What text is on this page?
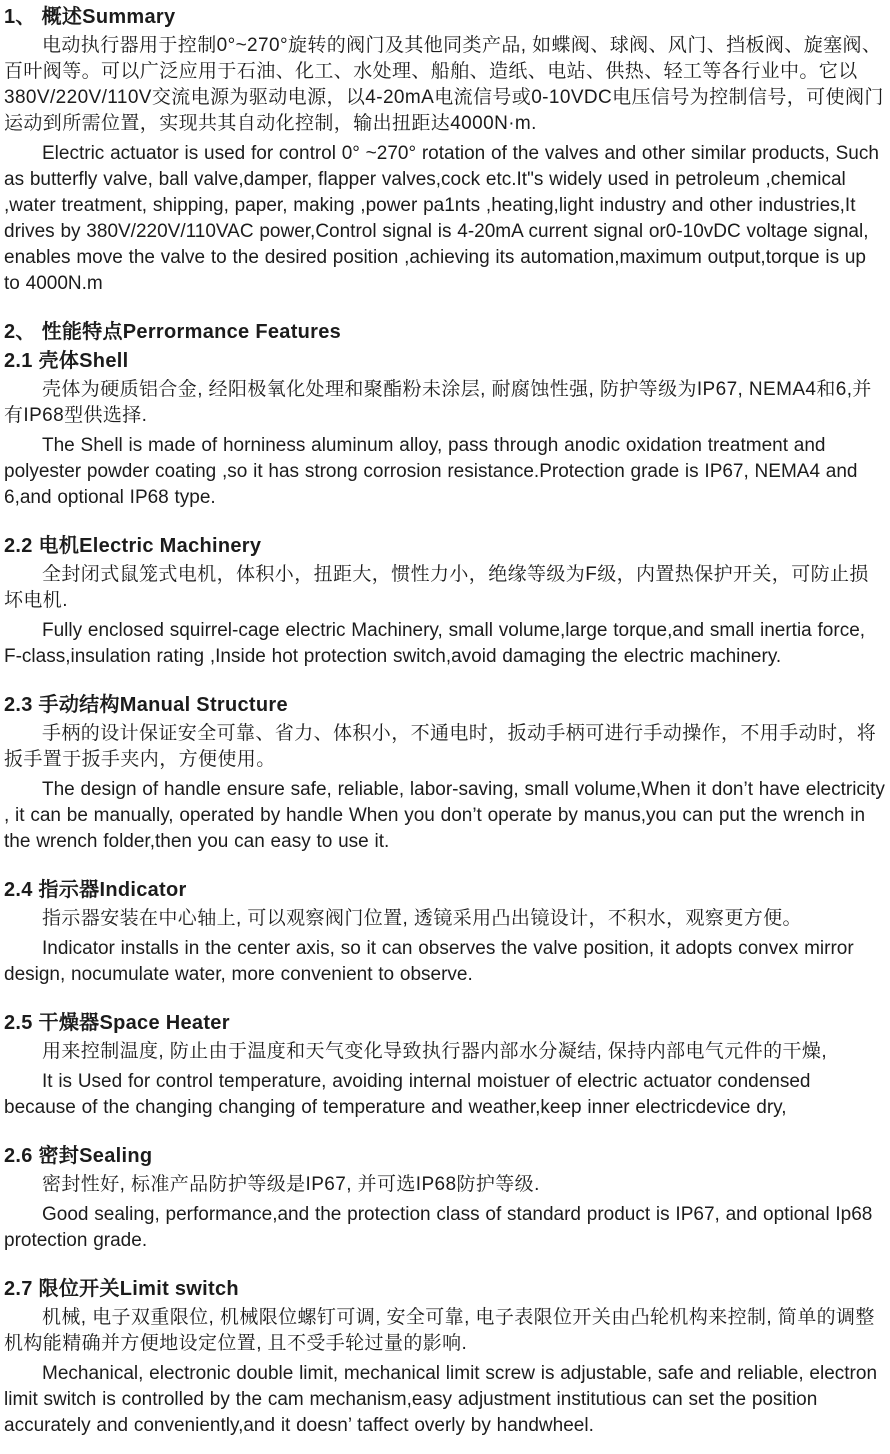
1、 概述Summary

电动执行器用于控制0°~270°旋转的阀门及其他同类产品, 如蝶阀、球阀、风门、挡板阀、旋塞阀、百叶阀等。可以广泛应用于石油、化工、水处理、船舶、造纸、电站、供热、轻工等各行业中。它以380V/220V/110V交流电源为驱动电源，以4-20mA电流信号或0-10VDC电压信号为控制信号，可使阀门运动到所需位置，实现共其自动化控制，输出扭距达4000N·m.

Electric actuator is used for control 0° ~270° rotation of the valves and other similar products, Such as butterfly valve, ball valve,damper, flapper valves,cock etc.It"s widely used in petroleum ,chemical ,water treatment, shipping, paper, making ,power pa1nts ,heating,light industry and other industries,It drives by 380V/220V/110VAC power,Control signal is 4-20mA current signal or0-10vDC voltage signal, enables move the valve to the desired position ,achieving its automation,maximum output,torque is up to 4000N.m

2、 性能特点Perrormance Features
2.1 壳体Shell

壳体为硬质铝合金, 经阳极氧化处理和聚酯粉未涂层, 耐腐蚀性强, 防护等级为IP67, NEMA4和6,并有IP68型供选择.

The Shell is made of horniness aluminum alloy, pass through anodic oxidation treatment and polyester powder coating ,so it has strong corrosion resistance.Protection grade is IP67, NEMA4 and 6,and optional IP68 type.

2.2 电机Electric Machinery

全封闭式鼠笼式电机，体积小，扭距大，惯性力小，绝缘等级为F级，内置热保护开关，可防止损坏电机.

Fully enclosed squirrel-cage electric Machinery, small volume,large torque,and small inertia force, F-class,insulation rating ,Inside hot protection switch,avoid damaging the electric machinery.

2.3 手动结构Manual Structure

手柄的设计保证安全可靠、省力、体积小，不通电时，扳动手柄可进行手动操作，不用手动时，将扳手置于扳手夹内，方便使用。

The design of handle ensure safe, reliable, labor-saving, small volume,When it don’t have electricity , it can be manually, operated by handle When you don’t operate by manus,you can put the wrench in the wrench folder,then you can easy to use it.

2.4 指示器Indicator

指示器安装在中心轴上, 可以观察阀门位置, 透镜采用凸出镜设计，不积水，观察更方便。

Indicator installs in the center axis, so it can observes the valve position, it adopts convex mirror design, nocumulate water, more convenient to observe.

2.5 干燥器Space Heater

用来控制温度, 防止由于温度和天气变化导致执行器内部水分凝结, 保持内部电气元件的干燥,

It is Used for control temperature, avoiding internal moistuer of electric actuator condensed because of the changing changing of temperature and weather,keep inner electricdevice dry,

2.6 密封Sealing

密封性好, 标准产品防护等级是IP67, 并可选IP68防护等级.

Good sealing, performance,and the protection class of standard product is IP67, and optional Ip68 protection grade.

2.7 限位开关Limit switch

机械, 电子双重限位, 机械限位螺钉可调, 安全可靠, 电子表限位开关由凸轮机构来控制, 简单的调整机构能精确并方便地设定位置, 且不受手轮过量的影响.

Mechanical, electronic double limit, mechanical limit screw is adjustable, safe and reliable, electron limit switch is controlled by the cam mechanism,easy adjustment institutious can set the position accurately and conveniently,and it doesn’ taffect overly by handwheel.
